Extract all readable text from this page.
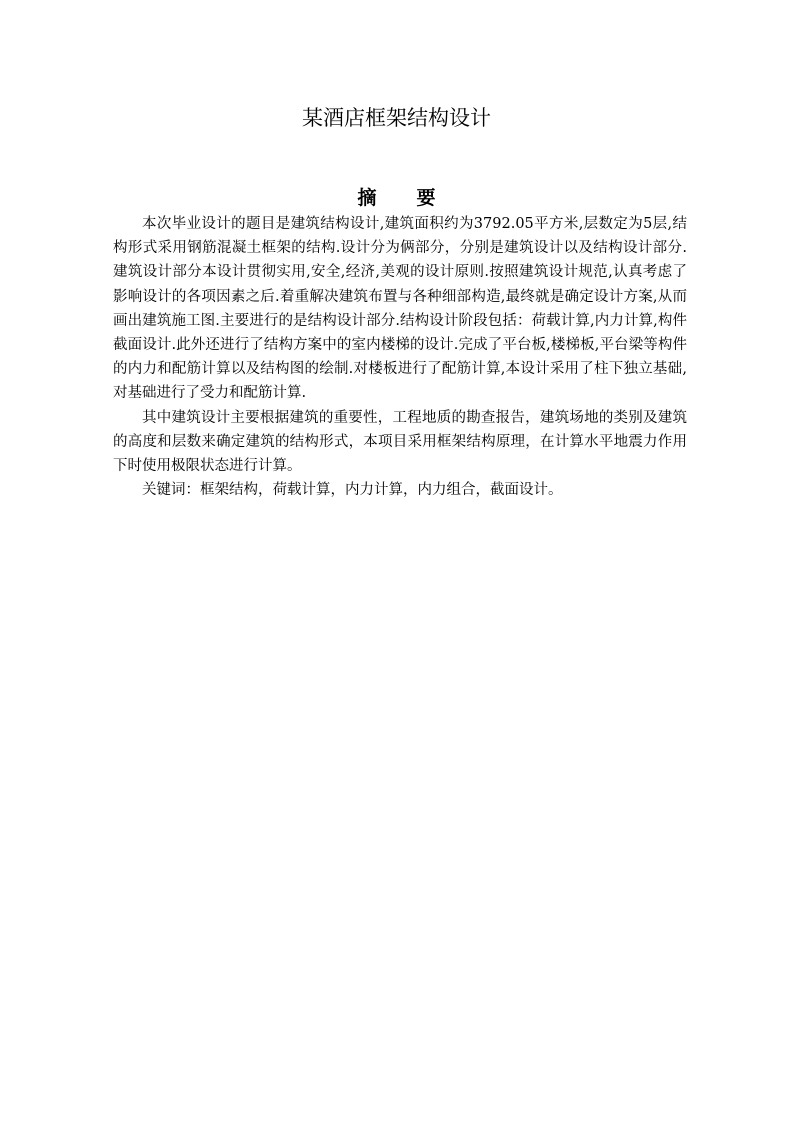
某酒店框架结构设计
摘 要

本次毕业设计的题目是建筑结构设计,建筑面积约为3792.05平方米,层数定为5层,结构形式采用钢筋混凝土框架的结构.设计分为俩部分，分别是建筑设计以及结构设计部分.建筑设计部分本设计贯彻实用,安全,经济,美观的设计原则.按照建筑设计规范,认真考虑了影响设计的各项因素之后.着重解决建筑布置与各种细部构造,最终就是确定设计方案,从而画出建筑施工图.主要进行的是结构设计部分.结构设计阶段包括：荷载计算,内力计算,构件截面设计.此外还进行了结构方案中的室内楼梯的设计.完成了平台板,楼梯板,平台梁等构件的内力和配筋计算以及结构图的绘制.对楼板进行了配筋计算,本设计采用了柱下独立基础,对基础进行了受力和配筋计算.

其中建筑设计主要根据建筑的重要性，工程地质的勘查报告，建筑场地的类别及建筑的高度和层数来确定建筑的结构形式，本项目采用框架结构原理，在计算水平地震力作用下时使用极限状态进行计算。

关键词：框架结构，荷载计算，内力计算，内力组合，截面设计。
